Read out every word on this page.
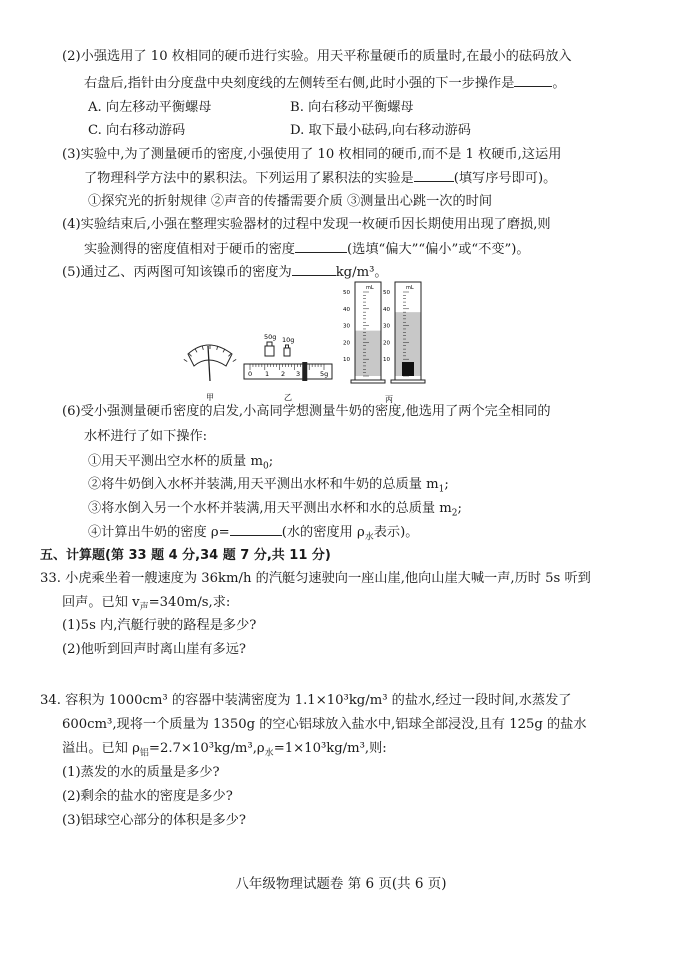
(2)小强选用了 10 枚相同的硬币进行实验。用天平称量硬币的质量时,在最小的砝码放入
右盘后,指针由分度盘中央刻度线的左侧转至右侧,此时小强的下一步操作是	。
A. 向左移动平衡螺母	B. 向右移动平衡螺母
C. 向右移动游码	D. 取下最小砝码,向右移动游码
(3)实验中,为了测量硬币的密度,小强使用了 10 枚相同的硬币,而不是 1 枚硬币,这运用
了物理科学方法中的累积法。下列运用了累积法的实验是	(填写序号即可)。
①探究光的折射规律 ②声音的传播需要介质 ③测量出心跳一次的时间
(4)实验结束后,小强在整理实验器材的过程中发现一枚硬币因长期使用出现了磨损,则
实验测得的密度值相对于硬币的密度	(选填“偏大”“偏小”或“不变”)。
(5)通过乙、丙两图可知该镍币的密度为	kg/m³。
甲
50g 10g
0 1 2 3	5g
乙
mL
50
40
30
20
10
mL
50
40
30
20
10
丙
(6)受小强测量硬币密度的启发,小高同学想测量牛奶的密度,他选用了两个完全相同的
水杯进行了如下操作:
①用天平测出空水杯的质量 $m_0$;
②将牛奶倒入水杯并装满,用天平测出水杯和牛奶的总质量 $m_1$;
③将水倒入另一个水杯并装满,用天平测出水杯和水的总质量 $m_2$;
④计算出牛奶的密度 ρ=	(水的密度用 $\rho_水$表示)。
五、计算题(第 33 题 4 分,34 题 7 分,共 11 分)
33. 小虎乘坐着一艘速度为 36km/h 的汽艇匀速驶向一座山崖,他向山崖大喊一声,历时 5s 听到
回声。已知 $v_声=340m/s$,求:
(1)5s 内,汽艇行驶的路程是多少?
(2)他听到回声时离山崖有多远?
34. 容积为 1000cm³ 的容器中装满密度为 1.1×10³kg/m³ 的盐水,经过一段时间,水蒸发了
600cm³,现将一个质量为 1350g 的空心铝球放入盐水中,铝球全部浸没,且有 125g 的盐水
溢出。已知 $\rho_铝=2.7\times 10^3kg/m^3,\rho_水=1\times 10^3kg/m^3$,则:
(1)蒸发的水的质量是多少?
(2)剩余的盐水的密度是多少?
(3)铝球空心部分的体积是多少?
八年级物理试题卷 第 6 页(共 6 页)
